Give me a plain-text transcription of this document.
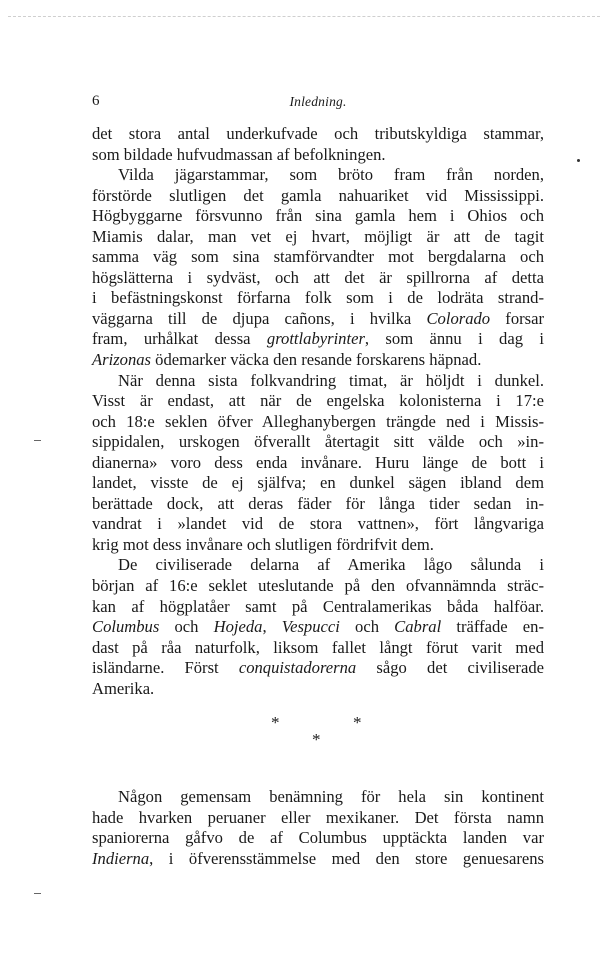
6	Inledning.
det stora antal underkufvade och tributskyldiga stammar,
som bildade hufvudmassan af befolkningen.
Vilda jägarstammar, som bröto fram från norden,
förstörde slutligen det gamla nahuariket vid Mississippi.
Högbyggarne försvunno från sina gamla hem i Ohios och
Miamis dalar, man vet ej hvart, möjligt är att de tagit
samma väg som sina stamförvandter mot bergdalarna och
högslätterna i sydväst, och att det är spillrorna af detta
i befästningskonst förfarna folk som i de lodräta strand-
väggarna till de djupa cañons, i hvilka Colorado forsar
fram, urhålkat dessa grottlabyrinter, som ännu i dag i
Arizonas ödemarker väcka den resande forskarens häpnad.
När denna sista folkvandring timat, är höljdt i dunkel.
Visst är endast, att när de engelska kolonisterna i 17:e
och 18:e seklen öfver Alleghanybergen trängde ned i Missis-
sippidalen, urskogen öfverallt återtagit sitt välde och »in-
dianerna» voro dess enda invånare. Huru länge de bott i
landet, visste de ej själfva; en dunkel sägen ibland dem
berättade dock, att deras fäder för långa tider sedan in-
vandrat i »landet vid de stora vattnen», fört långvariga
krig mot dess invånare och slutligen fördrifvit dem.
De civiliserade delarna af Amerika lågo sålunda i
början af 16:e seklet uteslutande på den ofvannämnda sträc-
kan af högplatåer samt på Centralamerikas båda halföar.
Columbus och Hojeda, Vespucci och Cabral träffade en-
dast på råa naturfolk, liksom fallet långt förut varit med
isländarne. Först conquistadorerna sågo det civiliserade
Amerika.
*	*
*
Någon gemensam benämning för hela sin kontinent
hade hvarken peruaner eller mexikaner. Det första namn
spaniorerna gåfvo de af Columbus upptäckta landen var
Indierna, i öfverensstämmelse med den store genuesarens
